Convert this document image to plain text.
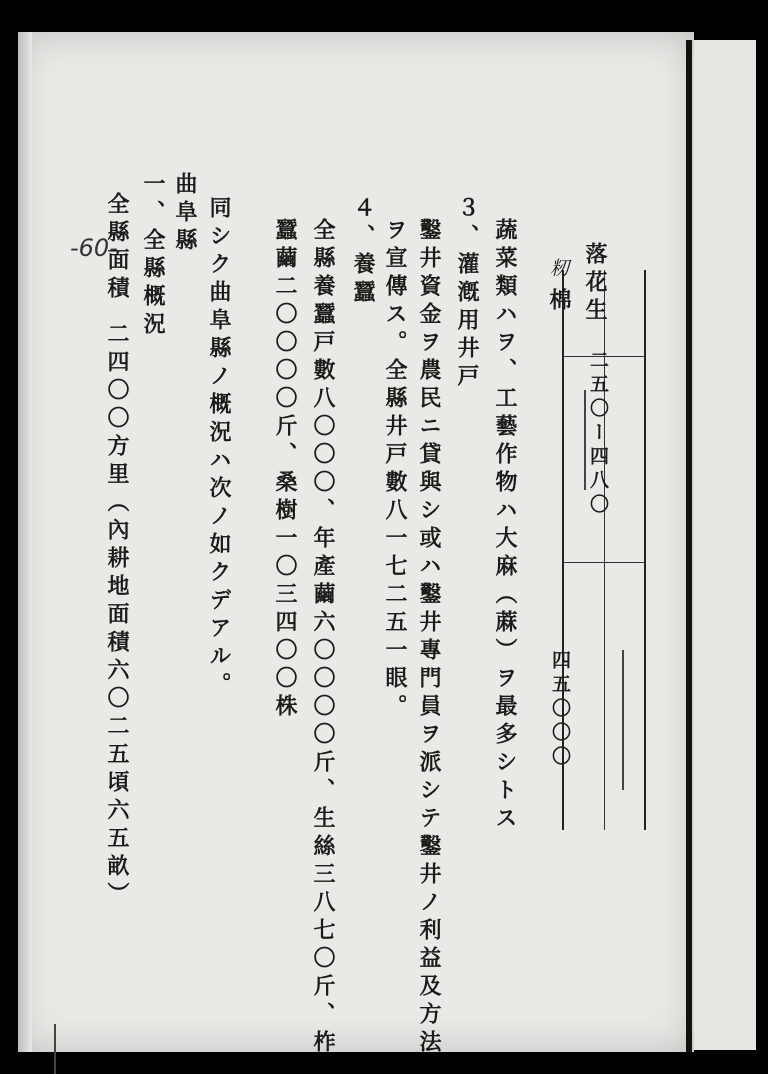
-60-	落花生
籾
棉
二五〇ー四八〇
四五〇〇〇
蔬菜類ハヲ、工藝作物ハ大麻（蔴）ヲ最多シトス
３、灌漑用井戸
鑿井資金ヲ農民ニ貸與シ或ハ鑿井專門員ヲ派シテ鑿井ノ利益及方法
ヲ宣傳ス。全縣井戸數八一七二五一眼。
４、養蠶
全縣養蠶戸數八〇〇〇、年產繭六〇〇〇〇斤、生絲三八七〇斤、柞
蠶繭二〇〇〇〇斤、桑樹一〇三四〇〇株
同シク曲阜縣ノ概況ハ次ノ如クデアル。
曲阜縣
一、全縣概況
全縣面積
二四〇〇方里（內耕地面積六〇二五頃六五畝）
